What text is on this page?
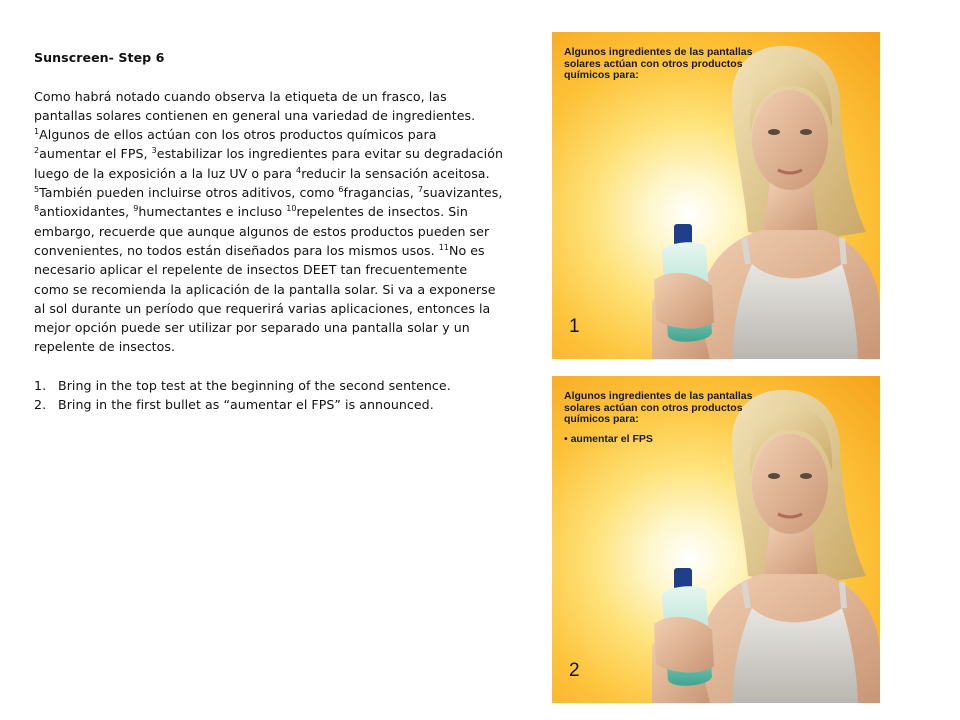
Sunscreen- Step 6

Como habrá notado cuando observa la etiqueta de un frasco, las pantallas solares contienen en general una variedad de ingredientes. $^1$Algunos de ellos actúan con los otros productos químicos para $^2$aumentar el FPS, $^3$estabilizar los ingredientes para evitar su degradación luego de la exposición a la luz UV o para $^4$reducir la sensación aceitosa. $^5$También pueden incluirse otros aditivos, como $^6$fragancias, $^7$suavizantes, $^8$antioxidantes, $^9$humectantes e incluso $^{10}$repelentes de insectos. Sin embargo, recuerde que aunque algunos de estos productos pueden ser convenientes, no todos están diseñados para los mismos usos. $^{11}$No es necesario aplicar el repelente de insectos DEET tan frecuentemente como se recomienda la aplicación de la pantalla solar. Si va a exponerse al sol durante un período que requerirá varias aplicaciones, entonces la mejor opción puede ser utilizar por separado una pantalla solar y un repelente de insectos.

1. Bring in the top test at the beginning of the second sentence.
2. Bring in the first bullet as “aumentar el FPS” is announced.
Algunos ingredientes de las pantallas solares actúan con otros productos químicos para:
1
Algunos ingredientes de las pantallas solares actúan con otros productos químicos para:
• aumentar el FPS
2
